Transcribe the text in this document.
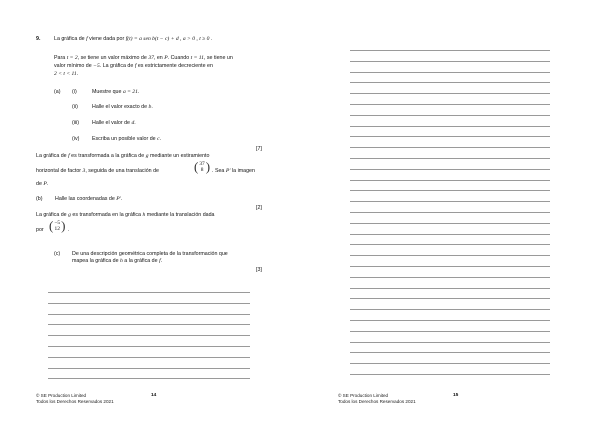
9.	La gráfica de f viene dada por f(t) = a sen b(t − c) + d , a > 0 , t ≥ 0 .
Para t = 2, se tiene un valor máximo de 37, en P. Cuando t = 11, se tiene un
valor mínimo de −5. La gráfica de f es estrictamente decreciente en
2 < t < 11.
(a) (i)	Muestre que a = 21.
(ii)	Halle el valor exacto de b.
(iii) Halle el valor de d.
(iv) Escriba un posible valor de c.
[7]
La gráfica de f es transformada a la gráfica de g mediante un estiramiento
horizontal de factor 3, seguida de una translación de	( 37
8 ) . Sea P′ la imagen
de P.
(b) Halle las coordenadas de P′.
[2]
La gráfica de g es transformada en la gráfica h mediante la translación dada
por ( −5
12 ) .
(c) De una descripción geométrica completa de la transformación que
mapea la gráfica de h a la gráfica de f.
[3]
© SE Production Limited
Todos los Derechos Reservados 2021
14	© SE Production Limited
Todos los Derechos Reservados 2021
15
